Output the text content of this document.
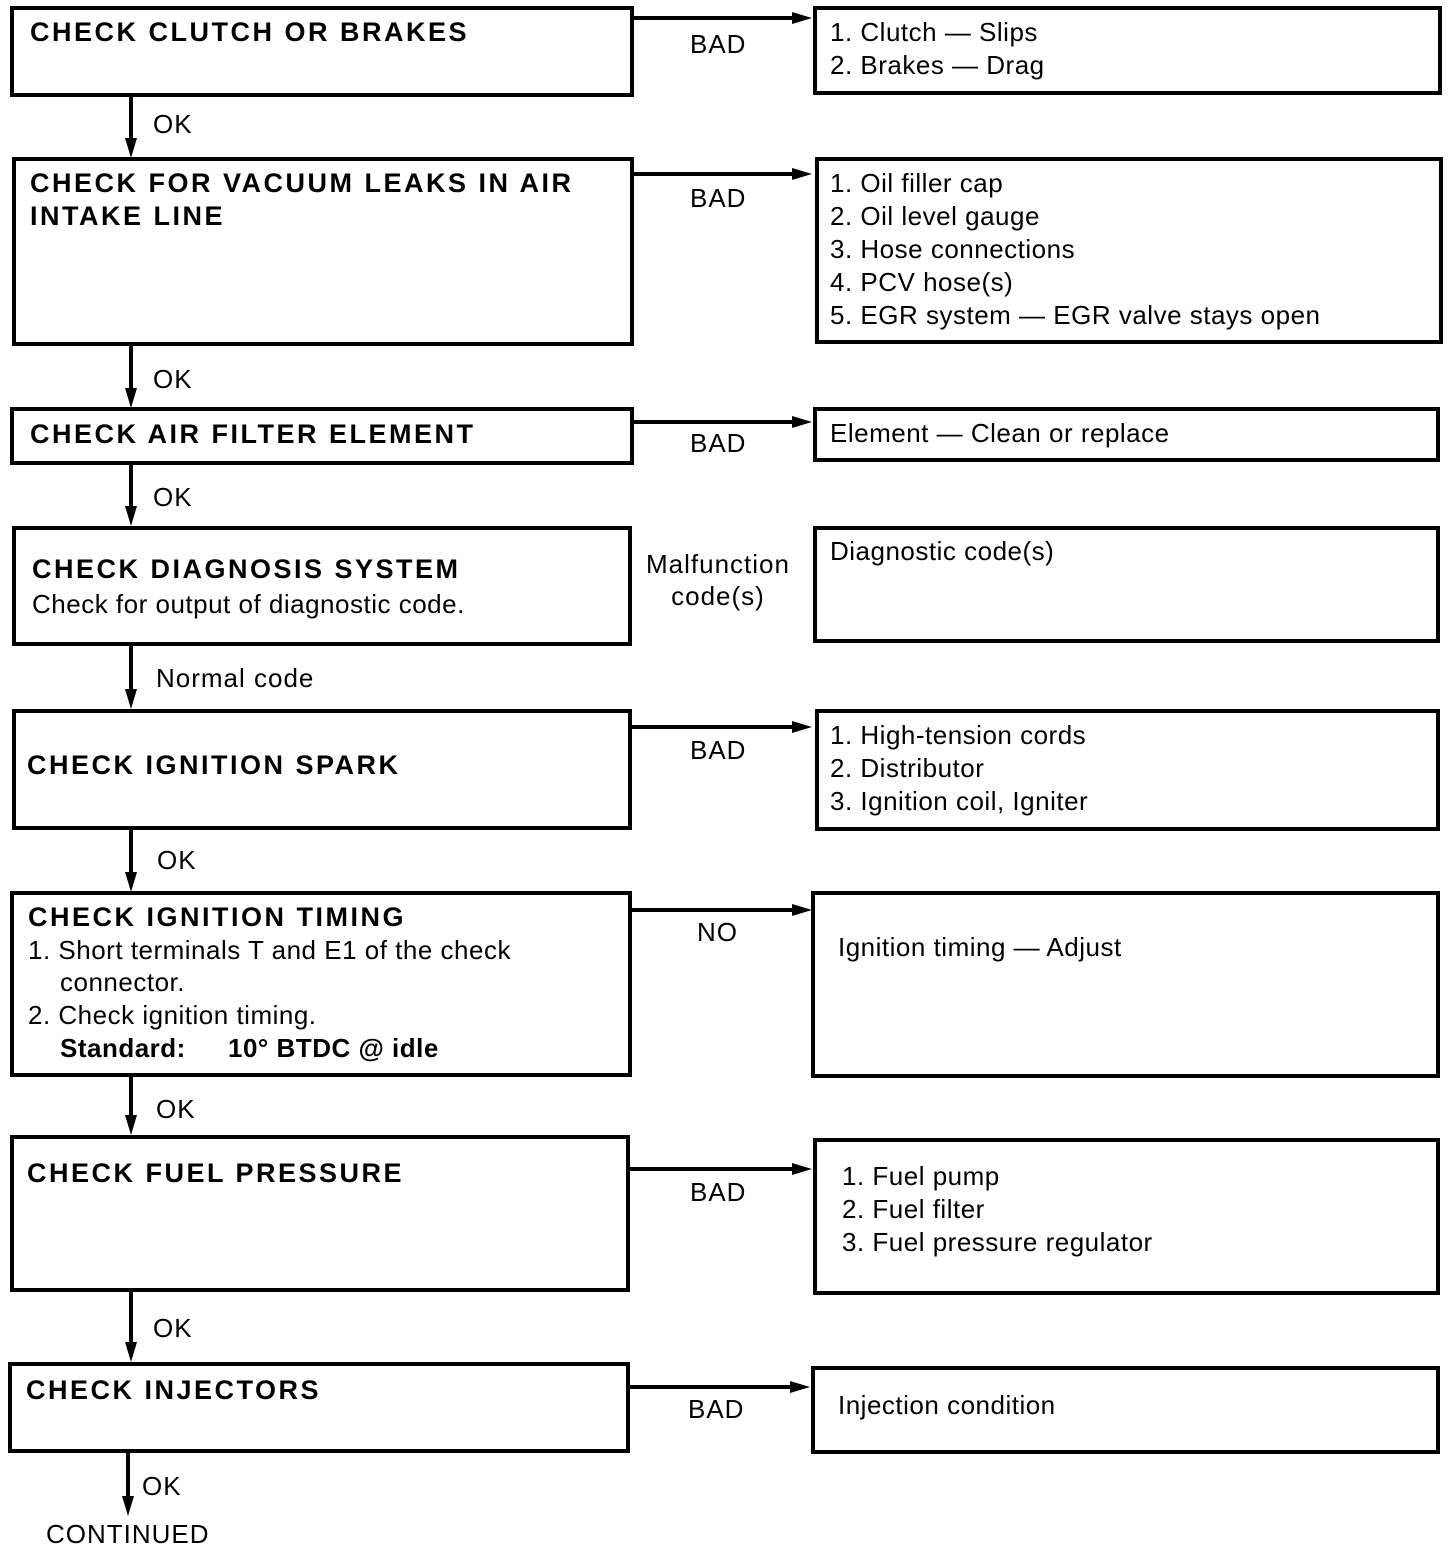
CHECK CLUTCH OR BRAKES	BAD	1. Clutch — Slips
2. Brakes — Drag
OK
CHECK FOR VACUUM LEAKS IN AIR
INTAKE LINE
BAD	1. Oil filler cap
2. Oil level gauge
3. Hose connections
4. PCV hose(s)
5. EGR system — EGR valve stays open
OK
CHECK AIR FILTER ELEMENT	BAD	Element — Clean or replace
OK
CHECK DIAGNOSIS SYSTEM
Check for output of diagnostic code.
Malfunction
code(s)
Diagnostic code(s)
Normal code
CHECK IGNITION SPARK	BAD	1. High-tension cords
2. Distributor
3. Ignition coil, Igniter
OK
CHECK IGNITION TIMING
1. Short terminals T and E1 of the check
connector.
2. Check ignition timing.
Standard: 10° BTDC @ idle
NO	Ignition timing — Adjust
OK
CHECK FUEL PRESSURE
BAD
1. Fuel pump
2. Fuel filter
3. Fuel pressure regulator
OK
CHECK INJECTORS
BAD	Injection condition
OK
CONTINUED
